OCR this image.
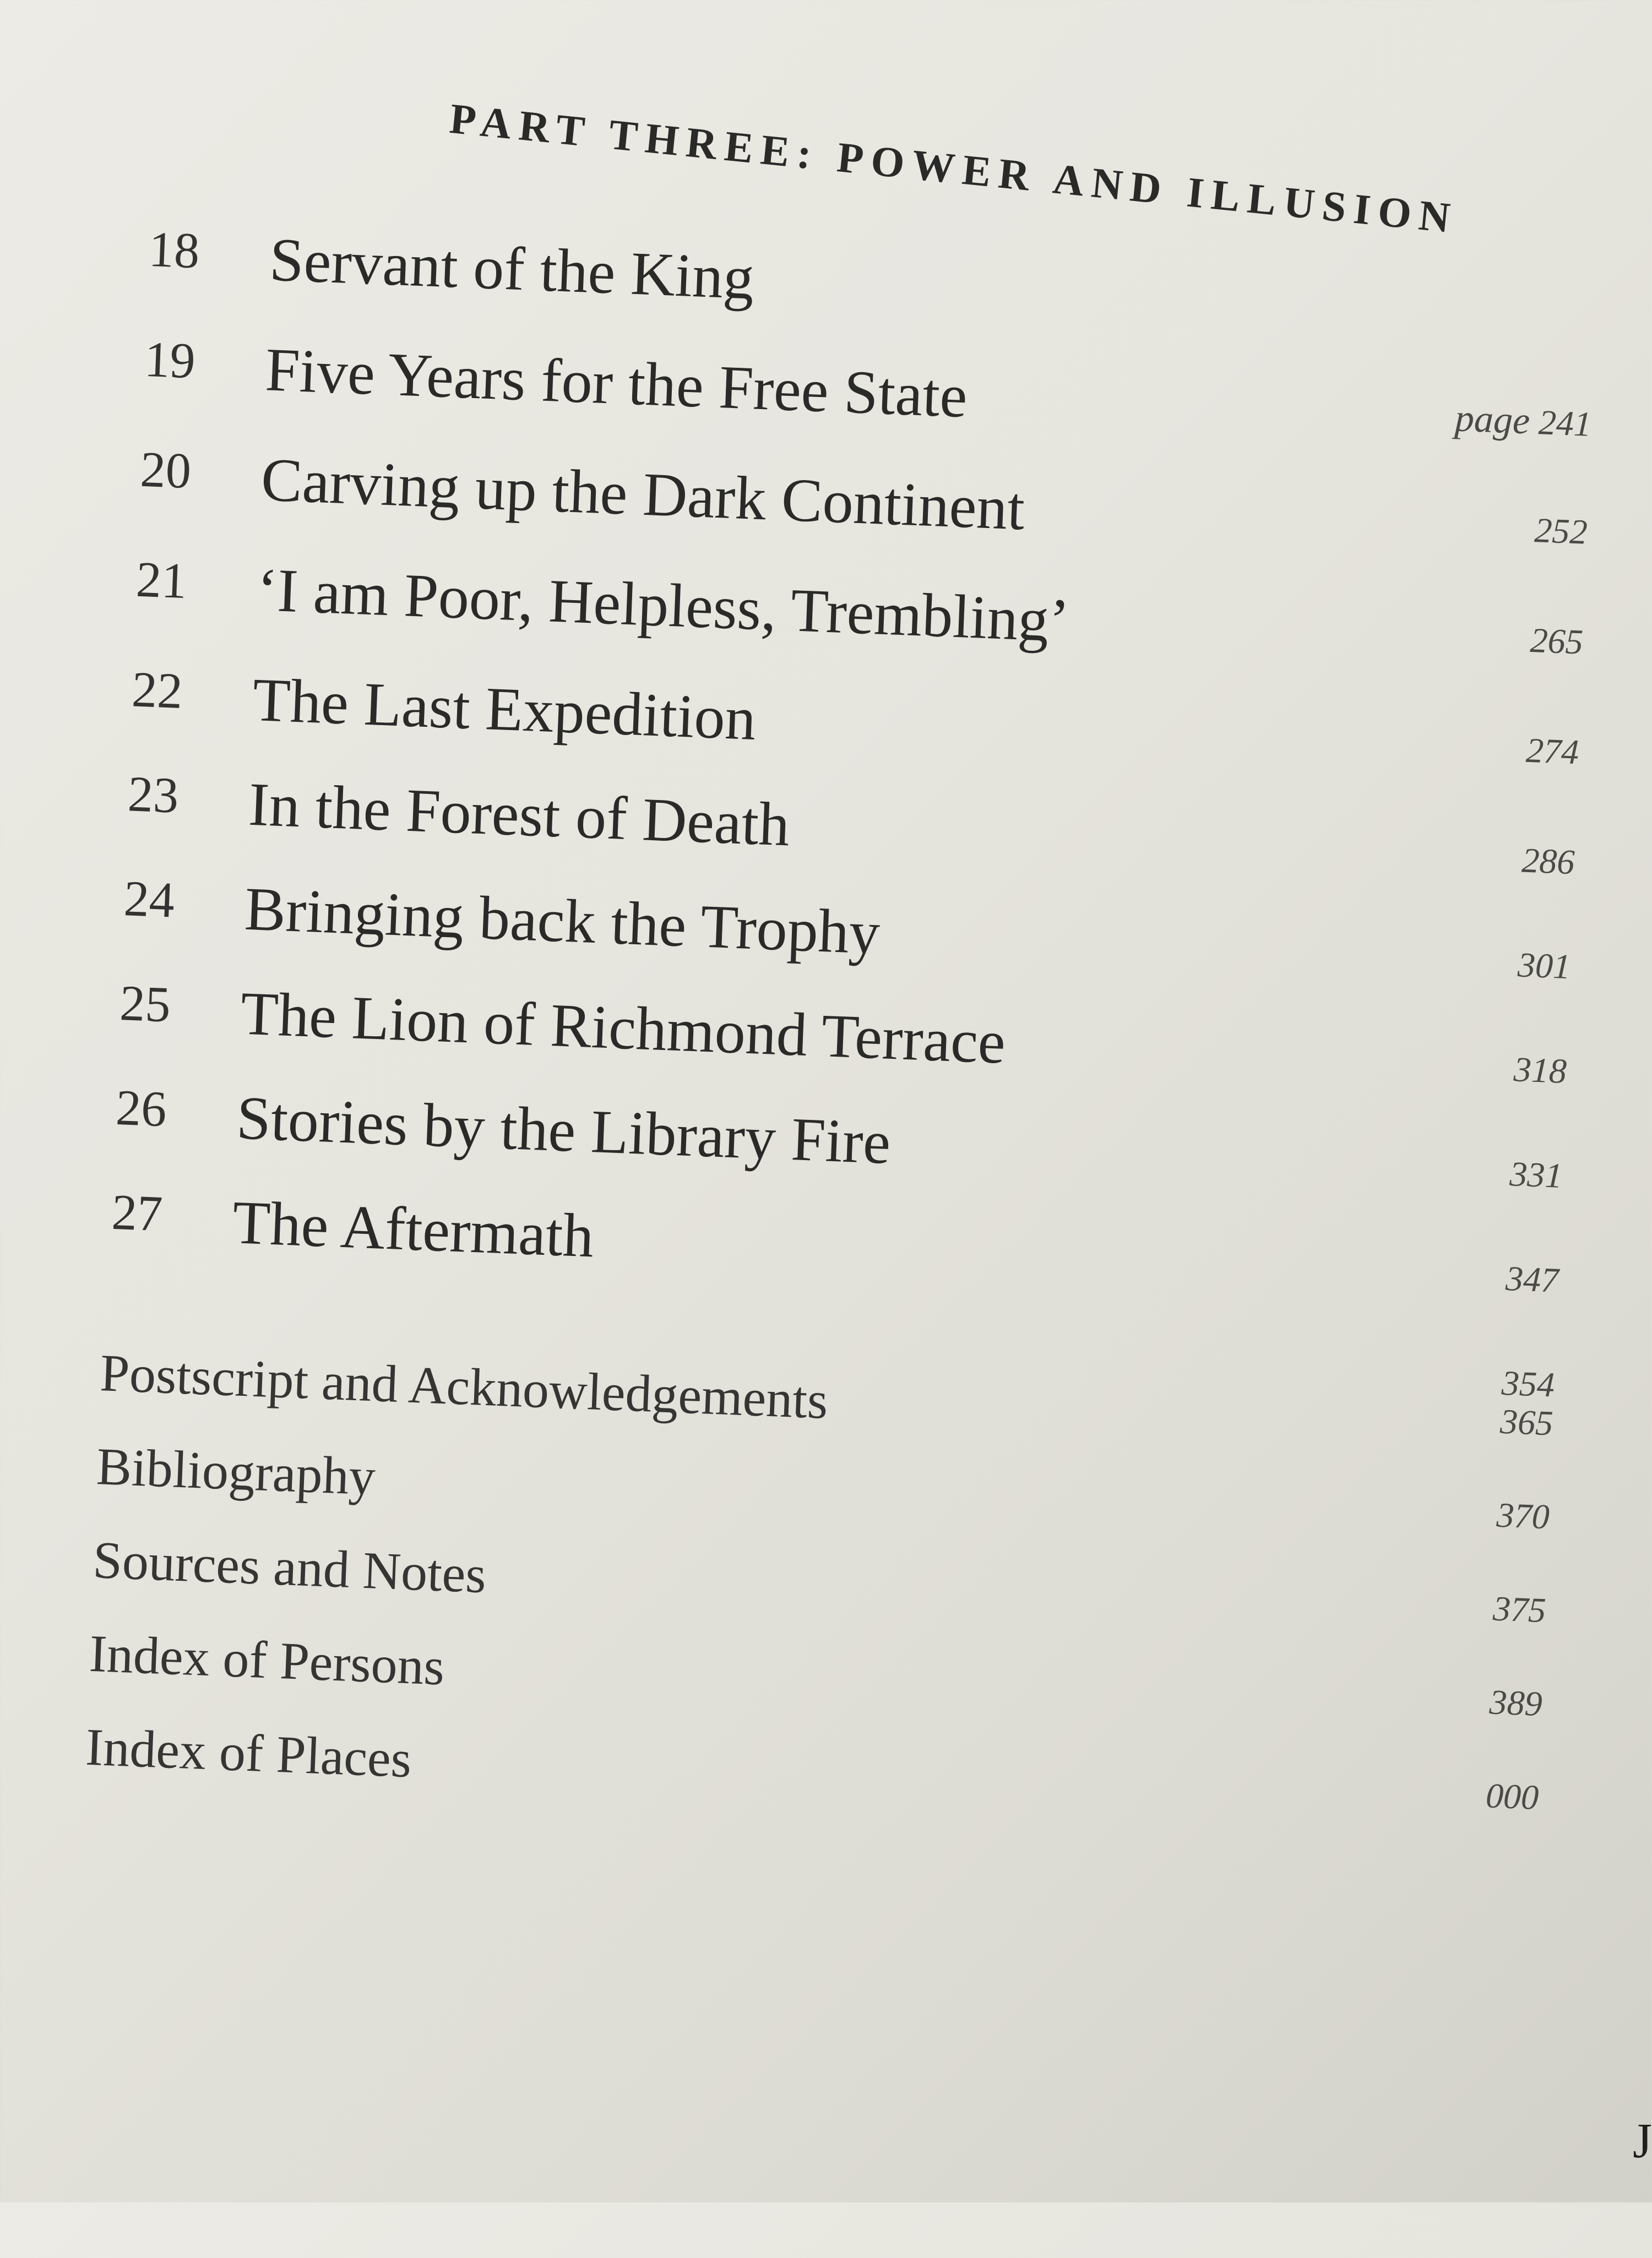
PART THREE: POWER AND ILLUSION
18 Servant of the King
page 241
19 Five Years for the Free State
252
20 Carving up the Dark Continent
265
21 ‘I am Poor, Helpless, Trembling’
274
22 The Last Expedition
286
23 In the Forest of Death
301
24 Bringing back the Trophy
318
25 The Lion of Richmond Terrace
331
26 Stories by the Library Fire
347
27 The Aftermath
354
Postscript and Acknowledgements	365
Bibliography
370
Sources and Notes
375
Index of Persons
389
Index of Places
000
J
